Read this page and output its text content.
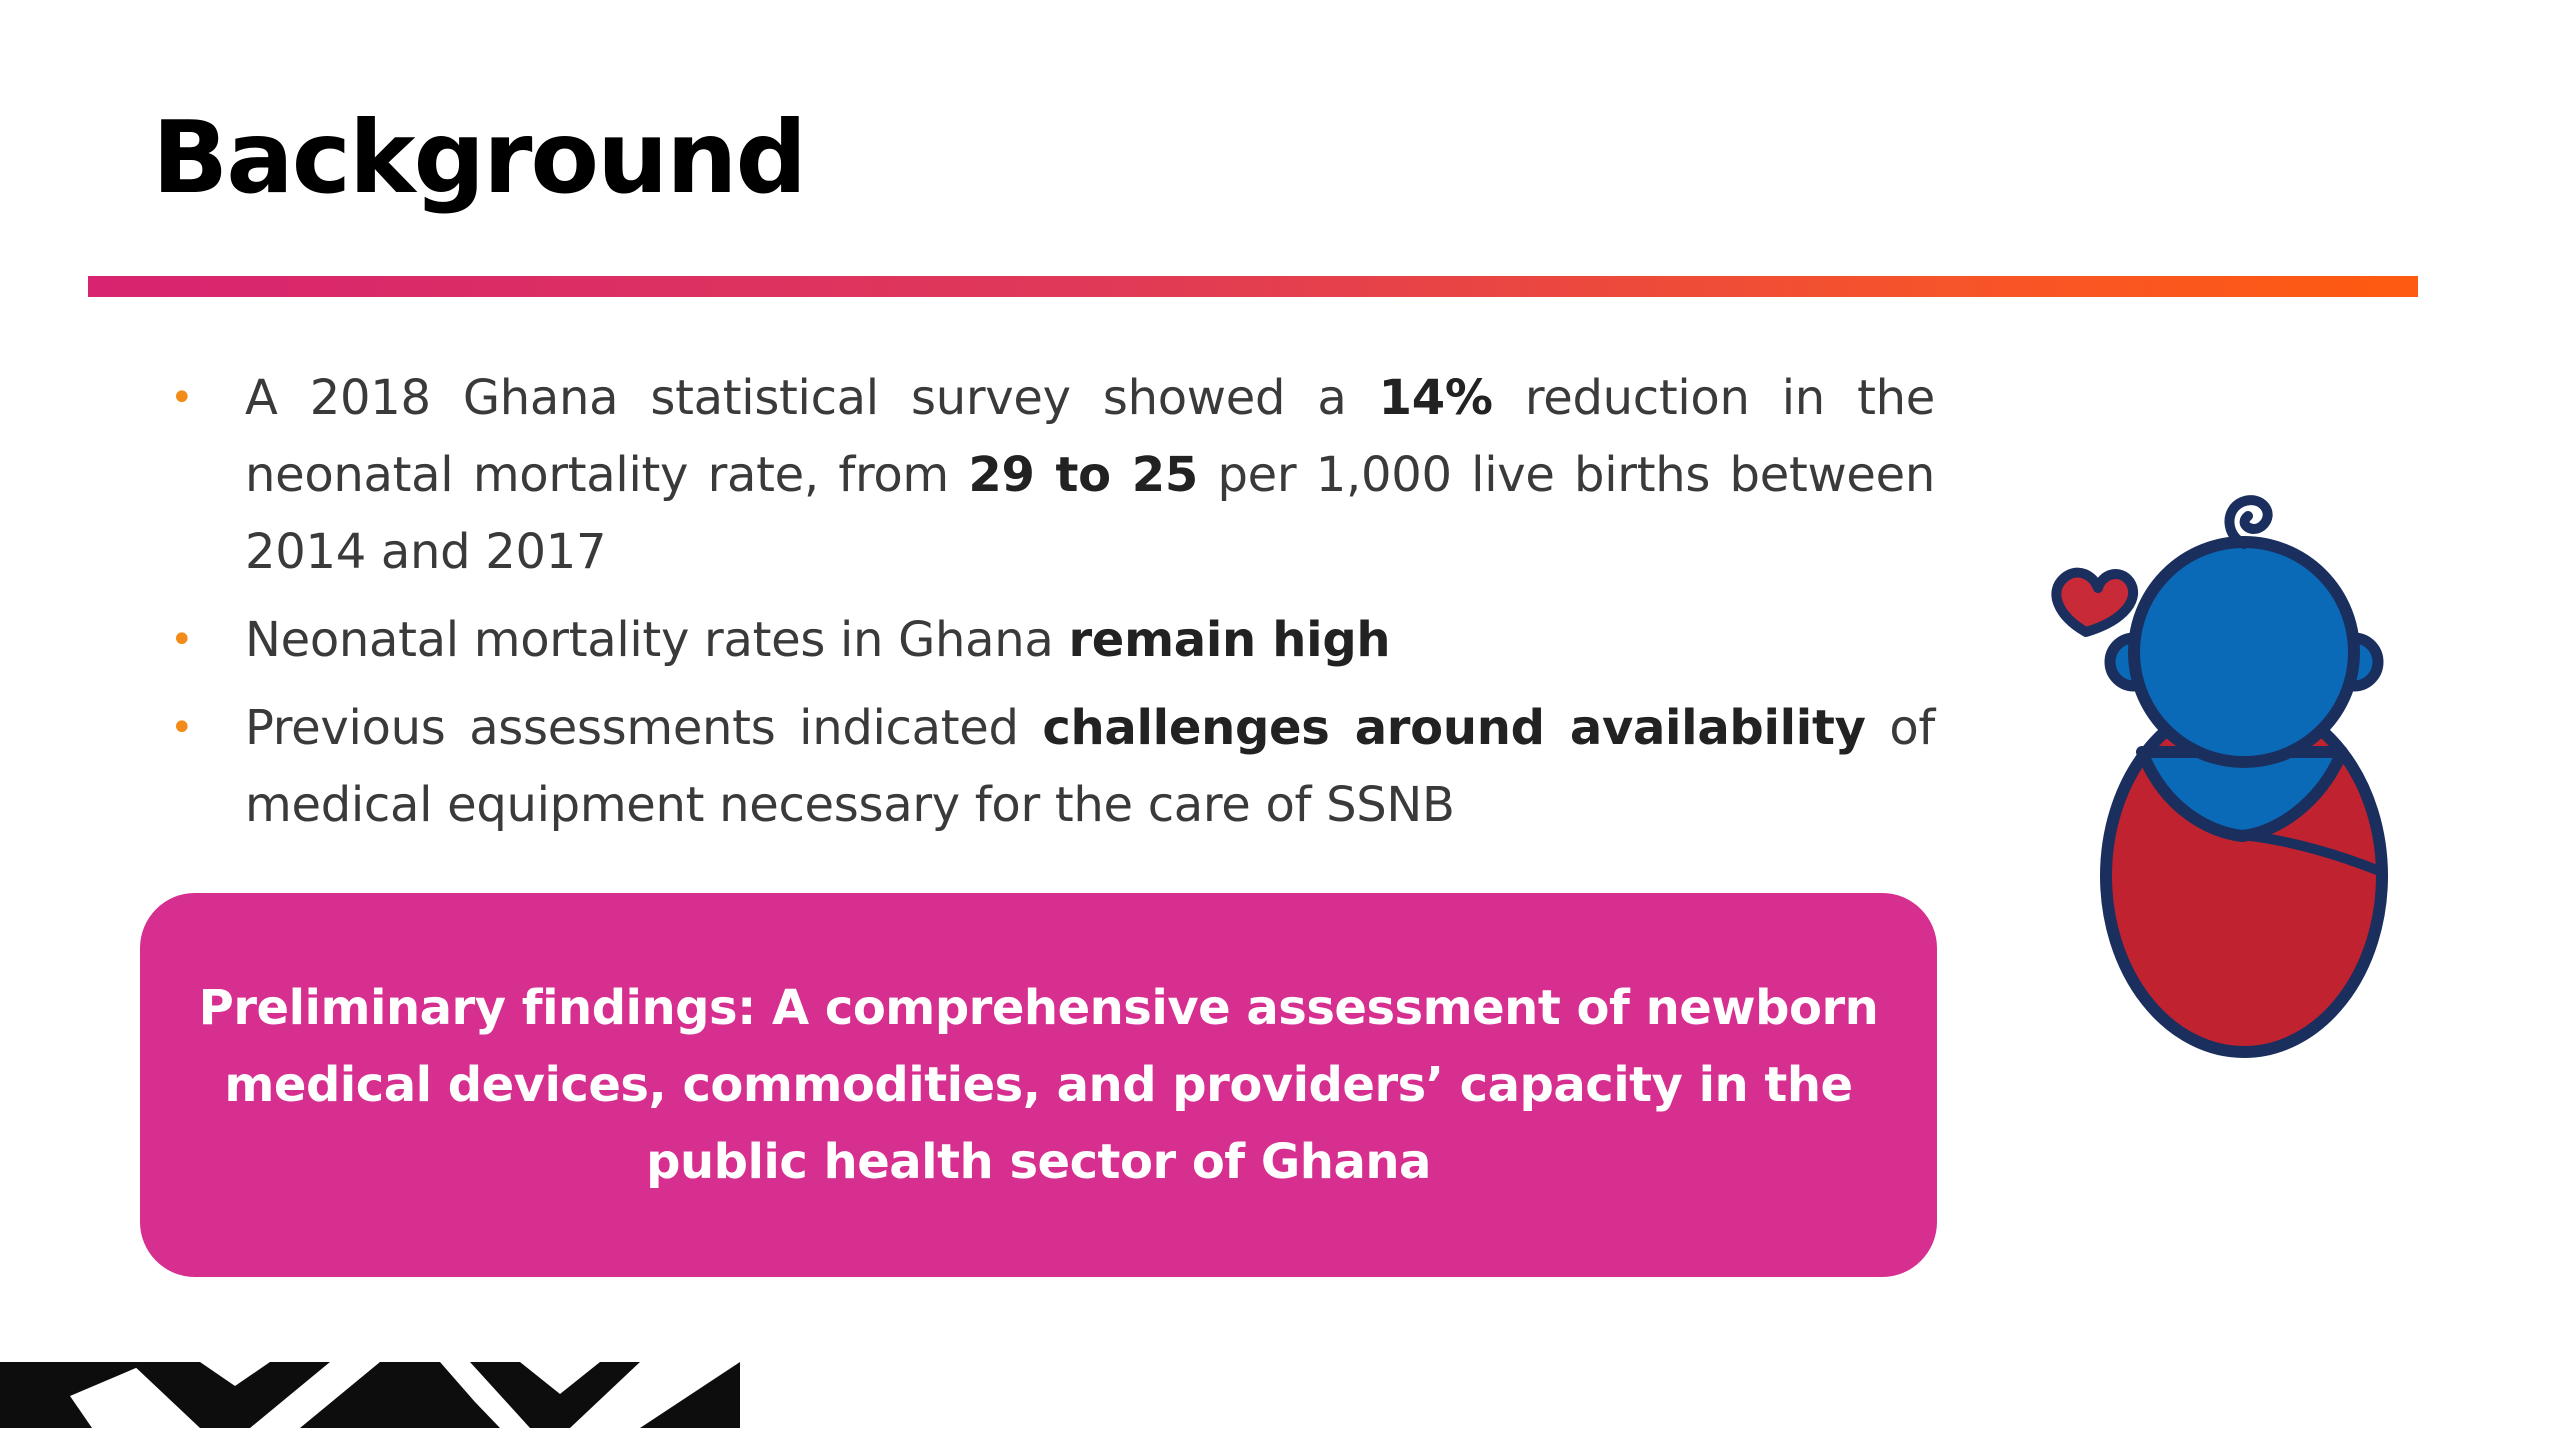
Background
• A 2018 Ghana statistical survey showed a 14% reduction in the neonatal mortality rate, from 29 to 25 per 1,000 live births between 2014 and 2017
• Neonatal mortality rates in Ghana remain high
• Previous assessments indicated challenges around availability of medical equipment necessary for the care of SSNB
Preliminary findings: A comprehensive assessment of newborn medical devices, commodities, and providers’ capacity in the public health sector of Ghana
